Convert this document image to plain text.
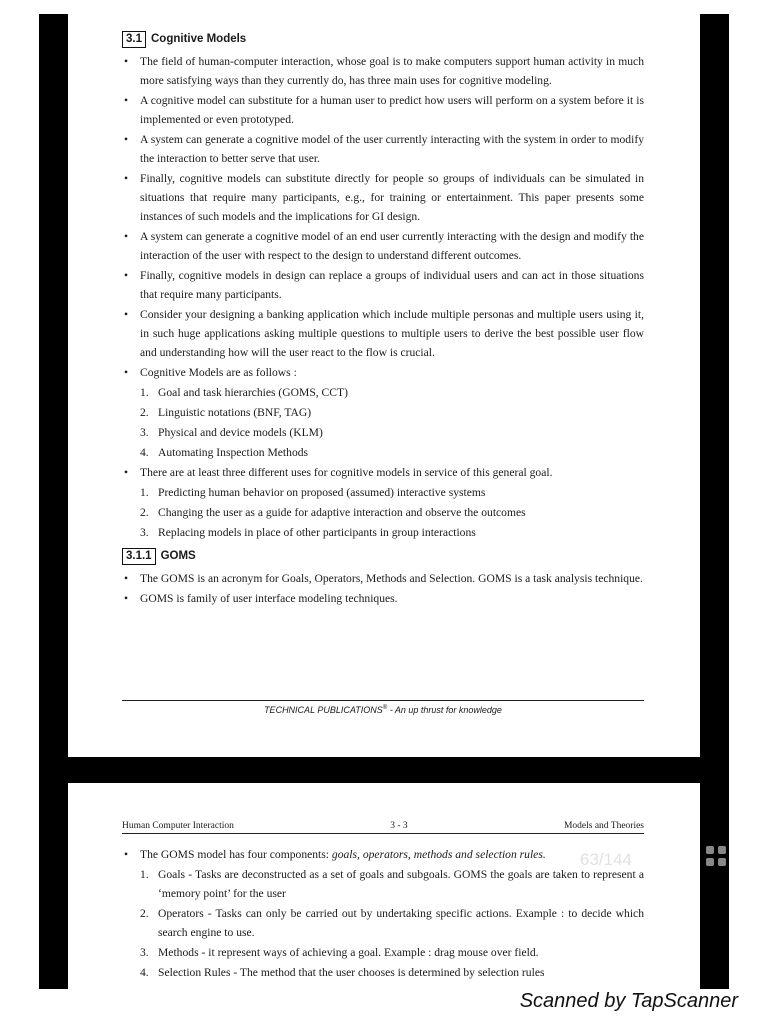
3.1 Cognitive Models
• The field of human-computer interaction, whose goal is to make computers support human activity in much more satisfying ways than they currently do, has three main uses for cognitive modeling.
• A cognitive model can substitute for a human user to predict how users will perform on a system before it is implemented or even prototyped.
• A system can generate a cognitive model of the user currently interacting with the system in order to modify the interaction to better serve that user.
• Finally, cognitive models can substitute directly for people so groups of individuals can be simulated in situations that require many participants, e.g., for training or entertainment. This paper presents some instances of such models and the implications for GI design.
• A system can generate a cognitive model of an end user currently interacting with the design and modify the interaction of the user with respect to the design to understand different outcomes.
• Finally, cognitive models in design can replace a groups of individual users and can act in those situations that require many participants.
• Consider your designing a banking application which include multiple personas and multiple users using it, in such huge applications asking multiple questions to multiple users to derive the best possible user flow and understanding how will the user react to the flow is crucial.
• Cognitive Models are as follows :
1. Goal and task hierarchies (GOMS, CCT)
2. Linguistic notations (BNF, TAG)
3. Physical and device models (KLM)
4. Automating Inspection Methods
• There are at least three different uses for cognitive models in service of this general goal.
1. Predicting human behavior on proposed (assumed) interactive systems
2. Changing the user as a guide for adaptive interaction and observe the outcomes
3. Replacing models in place of other participants in group interactions
3.1.1 GOMS
• The GOMS is an acronym for Goals, Operators, Methods and Selection. GOMS is a task analysis technique.
• GOMS is family of user interface modeling techniques.
TECHNICAL PUBLICATIONS® - An up thrust for knowledge
Human Computer Interaction	3 - 3	Models and Theories
• The GOMS model has four components: goals, operators, methods and selection rules.
1. Goals - Tasks are deconstructed as a set of goals and subgoals. GOMS the goals are taken to represent a ‘memory point’ for the user
2. Operators - Tasks can only be carried out by undertaking specific actions. Example : to decide which search engine to use.
3. Methods - it represent ways of achieving a goal. Example : drag mouse over field.
4. Selection Rules - The method that the user chooses is determined by selection rules
63/144
Scanned by TapScanner
